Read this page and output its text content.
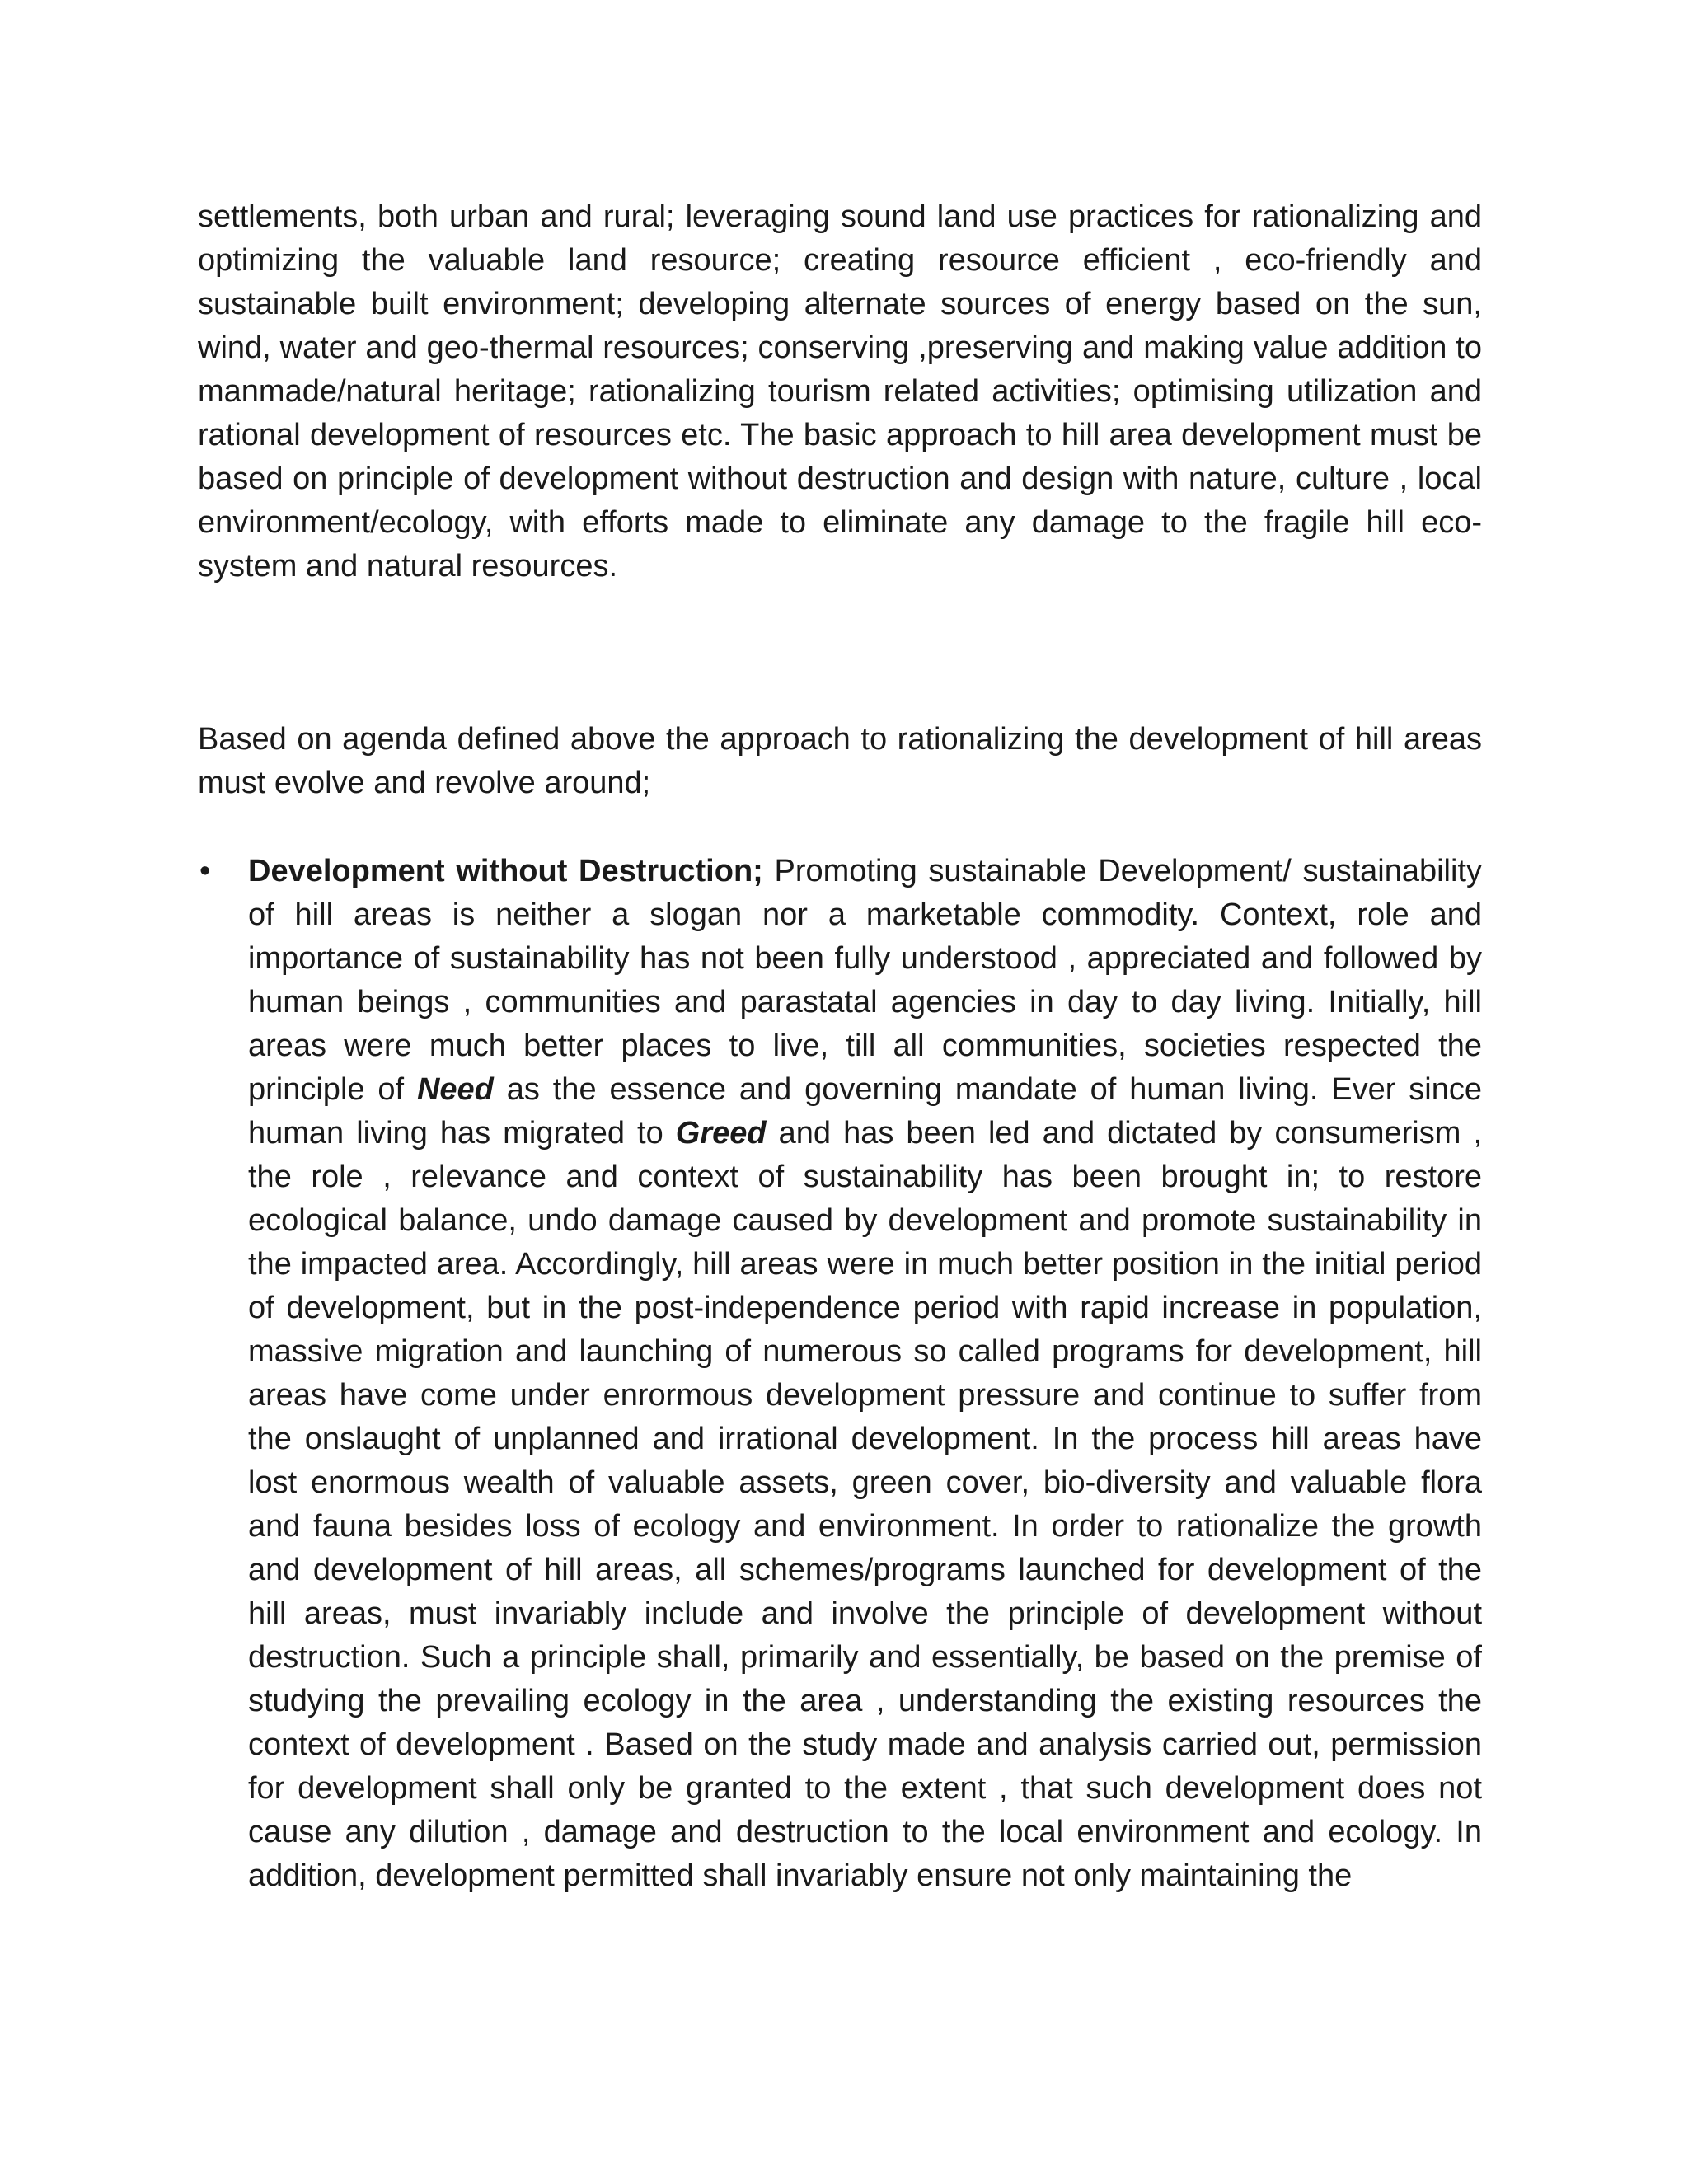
settlements, both urban and rural; leveraging sound land use practices for rationalizing and optimizing the valuable land resource; creating resource efficient , eco-friendly and sustainable built environment; developing alternate sources of energy based on the sun, wind, water and geo-thermal resources; conserving ,preserving and making value addition to manmade/natural heritage; rationalizing tourism related activities; optimising utilization and rational development of resources etc. The basic approach to hill area development must be based on principle of development without destruction and design with nature, culture , local environment/ecology, with efforts made to eliminate any damage to the fragile hill eco-system and natural resources.

Based on agenda defined above the approach to rationalizing the development of hill areas must evolve and revolve around;

•	Development without Destruction; Promoting sustainable Development/ sustainability of hill areas is neither a slogan nor a marketable commodity. Context, role and importance of sustainability has not been fully understood , appreciated and followed by human beings , communities and parastatal agencies in day to day living. Initially, hill areas were much better places to live, till all communities, societies respected the principle of Need as the essence and governing mandate of human living. Ever since human living has migrated to Greed and has been led and dictated by consumerism , the role , relevance and context of sustainability has been brought in; to restore ecological balance, undo damage caused by development and promote sustainability in the impacted area. Accordingly, hill areas were in much better position in the initial period of development, but in the post-independence period with rapid increase in population, massive migration and launching of numerous so called programs for development, hill areas have come under enrormous development pressure and continue to suffer from the onslaught of unplanned and irrational development. In the process hill areas have lost enormous wealth of valuable assets, green cover, bio-diversity and valuable flora and fauna besides loss of ecology and environment. In order to rationalize the growth and development of hill areas, all schemes/programs launched for development of the hill areas, must invariably include and involve the principle of development without destruction. Such a principle shall, primarily and essentially, be based on the premise of studying the prevailing ecology in the area , understanding the existing resources the context of development . Based on the study made and analysis carried out, permission for development shall only be granted to the extent , that such development does not cause any dilution , damage and destruction to the local environment and ecology. In addition, development permitted shall invariably ensure not only maintaining the
